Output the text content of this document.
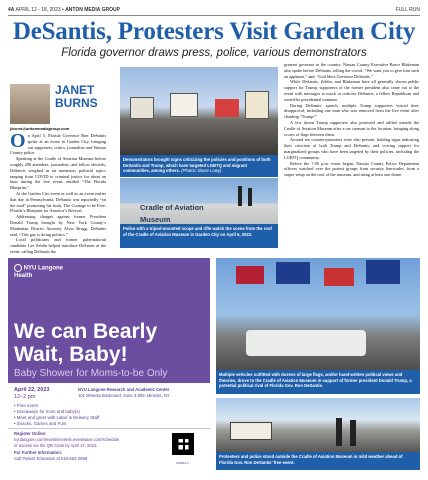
4A APRIL 12 - 18, 2023 • ANTON MEDIA GROUP	FULL RUN
DeSantis, Protesters Visit Garden City
Florida governor draws press, police, various demonstrators
JANET BURNS
jburns@antonmediagroup.com

On April 5, Florida Governor Ron DeSantis spoke at an event in Garden City, bringing out supporters, critics, journalists and Nassau County police.

Speaking at the Cradle of Aviation Museum before roughly 200 attendees, journalists, and fellow electeds, DeSantis weighed in on numerous political topics ranging from COVID to criminal justice for about an hour during the free event, entitled “The Florida Blueprint.”

At the Garden City event as well as an event earlier that day in Pennsylvania, DeSantis was reportedly “on the road” promoting his book, The Courage to be Free: Florida’s Blueprint for America’s Revival.

Addressing charges against former President Donald Trump brought by New York County’s Manhattan District Attorney Alvin Bragg, DeSantis said, “This guy is doing politics.”

Local politicians and former gubernatorial candidate Lee Zeldin helped introduce DeSantis at the event, calling DeSantis the

Demonstrators brought signs criticizing the policies and positions of both DeSantis and Trump, which have targeted LGBTQ and migrant communities, among others. (Photos: Bruce Lowy)
Cradle of Aviation Museum
Police with a tripod-mounted scope and rifle watch the scene from the roof of the Cradle of Aviation Museum in Garden City on April 5, 2023.

greatest governor in the country. Nassau County Executive Bruce Blakeman also spoke before DeSantis, telling the crowd, “We want you to give him such an applause,” and, “God bless Governor DeSantis.”

While DeSantis, Zeldin, and Blakeman have all generally shown public support for Trump, supporters of the former president also came out to the event with messages to mock or criticize DeSantis, a fellow Republican and would-be presidential nominee.

During DeSantis’ speech, multiple Trump supporters voiced their disapproval, including one man who was removed from the live event after chanting “Trump!”

A few dozen Trump supporters also protested and rallied outside the Cradle of Aviation Museum after a car caravan to the location, bringing along scores of flags between them.

Around ten counter-protesters were also present, holding signs indicating their criticism of both Trump and DeSantis, and voicing support for marginalized groups who have been targeted by their policies, including the LGBTQ community.

Before the 7:00 p.m. event began, Nassau County Police Department officers watched over the protest groups from security barricades, from a sniper setup on the roof of the museum, and using at least one drone.

NYU Langone
Health
We can Bearly Wait, Baby!
Baby Shower for Moms-to-be Only
April 22, 2023
12–2 pm
NYU Langone Research and Academic Center
101 Mineola Boulevard, Suite 3-509, Mineola, NY
• Free event
• Giveaways for mom and baby(s)
• Meet and greet with Labor & Delivery Staff
• Snacks, Games and Fun!
Register Online:
nyulangone.com/events/events.eventware.com/schedule
or access via the QR Code by April 17, 2023.
For Further Information:
Call Patient Education at 516-663-2658
218069 A
Multiple vehicles outfitted with dozens of large flags, and/or hand-written political views and theories, drove to the Cradle of Aviation Museum in support of former president Donald Trump, a potential political rival of Florida Gov. Ron DeSantis.
Protesters and police stood outside the Cradle of Aviation Museum in mild weather ahead of Florida Gov. Ron DeSantis’ free event.
